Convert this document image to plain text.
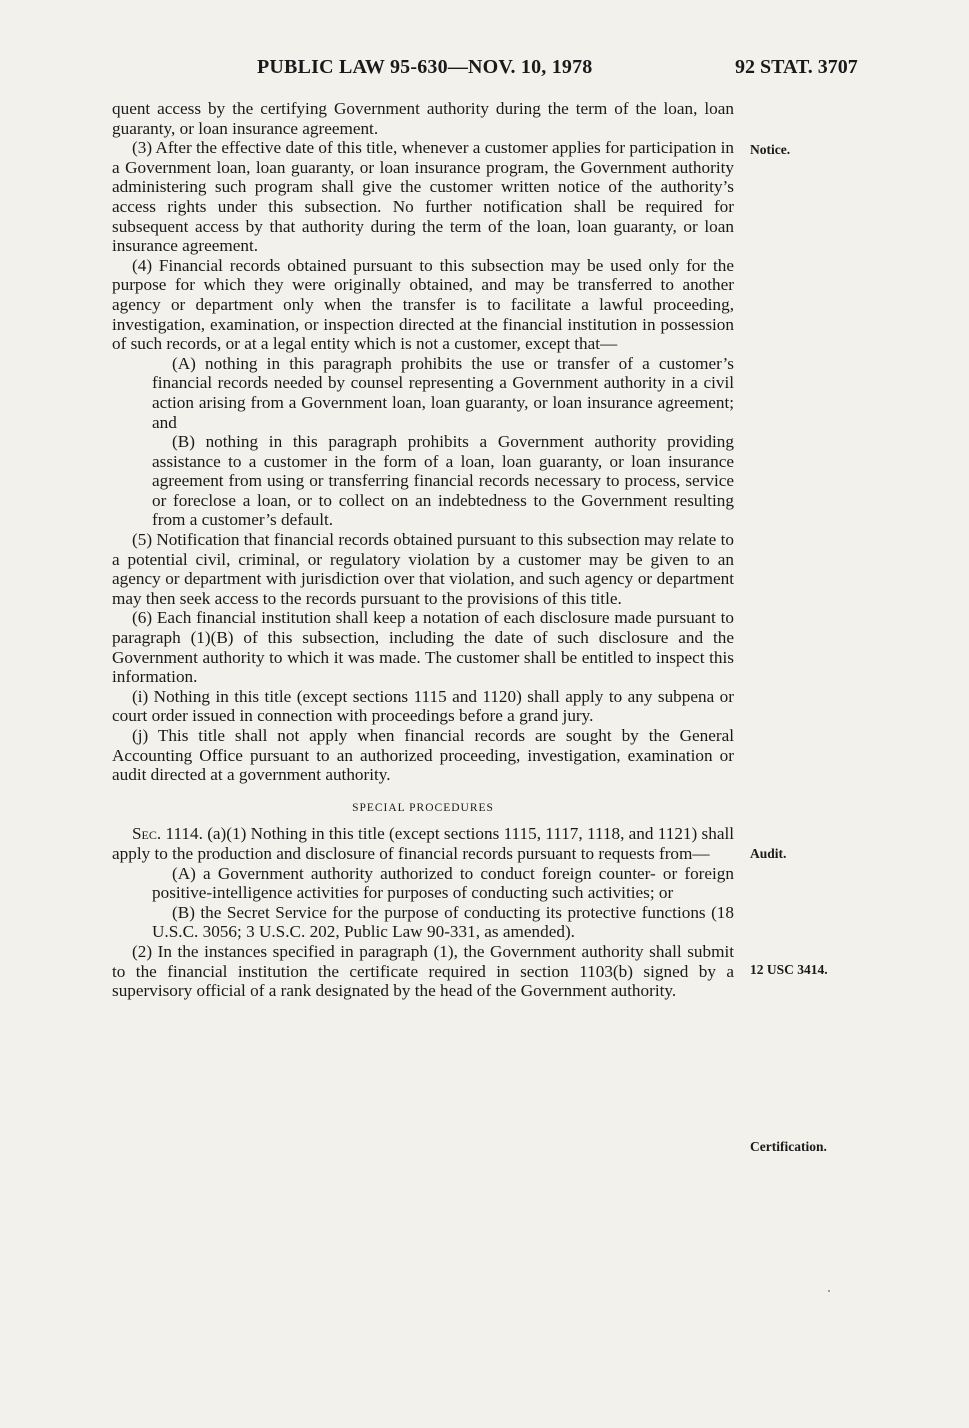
PUBLIC LAW 95-630—NOV. 10, 1978	92 STAT. 3707

quent access by the certifying Government authority during the term of the loan, loan guaranty, or loan insurance agreement.

(3) After the effective date of this title, whenever a customer applies for participation in a Government loan, loan guaranty, or loan insurance program, the Government authority administering such program shall give the customer written notice of the authority’s access rights under this subsection. No further notification shall be required for subsequent access by that authority during the term of the loan, loan guaranty, or loan insurance agreement.

(4) Financial records obtained pursuant to this subsection may be used only for the purpose for which they were originally obtained, and may be transferred to another agency or department only when the transfer is to facilitate a lawful proceeding, investigation, examination, or inspection directed at the financial institution in possession of such records, or at a legal entity which is not a customer, except that—

(A) nothing in this paragraph prohibits the use or transfer of a customer’s financial records needed by counsel representing a Government authority in a civil action arising from a Government loan, loan guaranty, or loan insurance agreement; and

(B) nothing in this paragraph prohibits a Government authority providing assistance to a customer in the form of a loan, loan guaranty, or loan insurance agreement from using or transferring financial records necessary to process, service or foreclose a loan, or to collect on an indebtedness to the Government resulting from a customer’s default.

(5) Notification that financial records obtained pursuant to this subsection may relate to a potential civil, criminal, or regulatory violation by a customer may be given to an agency or department with jurisdiction over that violation, and such agency or department may then seek access to the records pursuant to the provisions of this title.

(6) Each financial institution shall keep a notation of each disclosure made pursuant to paragraph (1)(B) of this subsection, including the date of such disclosure and the Government authority to which it was made. The customer shall be entitled to inspect this information.

(i) Nothing in this title (except sections 1115 and 1120) shall apply to any subpena or court order issued in connection with proceedings before a grand jury.

(j) This title shall not apply when financial records are sought by the General Accounting Office pursuant to an authorized proceeding, investigation, examination or audit directed at a government authority.

SPECIAL PROCEDURES

Sec. 1114. (a)(1) Nothing in this title (except sections 1115, 1117, 1118, and 1121) shall apply to the production and disclosure of financial records pursuant to requests from—

(A) a Government authority authorized to conduct foreign counter- or foreign positive-intelligence activities for purposes of conducting such activities; or

(B) the Secret Service for the purpose of conducting its protective functions (18 U.S.C. 3056; 3 U.S.C. 202, Public Law 90-331, as amended).

(2) In the instances specified in paragraph (1), the Government authority shall submit to the financial institution the certificate required in section 1103(b) signed by a supervisory official of a rank designated by the head of the Government authority.

Notice.
Audit.
12 USC 3414.
Certification.
